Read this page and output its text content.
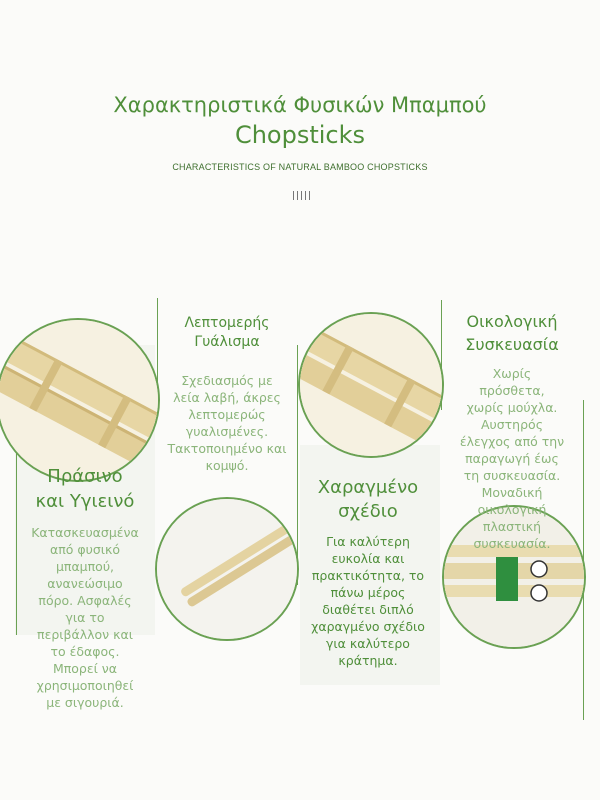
Χαρακτηριστικά Φυσικών Μπαμπού
Chopsticks
CHARACTERISTICS OF NATURAL BAMBOO CHOPSTICKS
Πράσινο
και Υγιεινό
Κατασκευασμένα
από φυσικό
μπαμπού,
ανανεώσιμο
πόρο. Ασφαλές
για το
περιβάλλον και
το έδαφος.
Μπορεί να
χρησιμοποιηθεί
με σιγουριά.
Λεπτομερής
Γυάλισμα
Σχεδιασμός με
λεία λαβή, άκρες
λεπτομερώς
γυαλισμένες.
Τακτοποιημένο και
κομψό.
Χαραγμένο
σχέδιο
Για καλύτερη
ευκολία και
πρακτικότητα, το
πάνω μέρος
διαθέτει διπλό
χαραγμένο σχέδιο
για καλύτερο
κράτημα.
Οικολογική
Συσκευασία
Χωρίς
πρόσθετα,
χωρίς μούχλα.
Αυστηρός
έλεγχος από την
παραγωγή έως
τη συσκευασία.
Μοναδική
οικολογική
πλαστική
συσκευασία.
